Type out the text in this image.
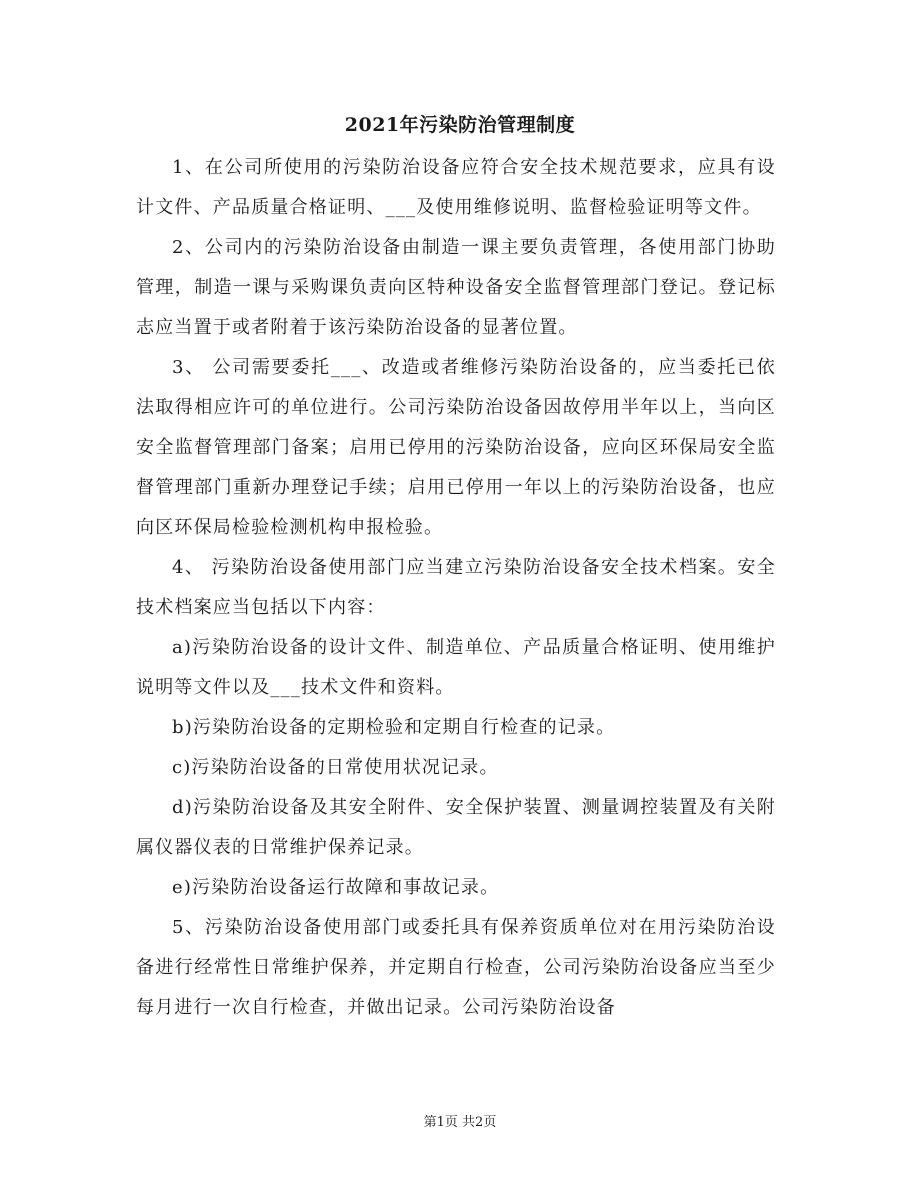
2021年污染防治管理制度

1、在公司所使用的污染防治设备应符合安全技术规范要求，应具有设计文件、产品质量合格证明、___及使用维修说明、监督检验证明等文件。

2、公司内的污染防治设备由制造一课主要负责管理，各使用部门协助管理，制造一课与采购课负责向区特种设备安全监督管理部门登记。登记标志应当置于或者附着于该污染防治设备的显著位置。

3、 公司需要委托___、改造或者维修污染防治设备的，应当委托已依法取得相应许可的单位进行。公司污染防治设备因故停用半年以上，当向区安全监督管理部门备案；启用已停用的污染防治设备，应向区环保局安全监督管理部门重新办理登记手续；启用已停用一年以上的污染防治设备，也应向区环保局检验检测机构申报检验。

4、 污染防治设备使用部门应当建立污染防治设备安全技术档案。安全技术档案应当包括以下内容：

a)污染防治设备的设计文件、制造单位、产品质量合格证明、使用维护说明等文件以及___技术文件和资料。

b)污染防治设备的定期检验和定期自行检查的记录。

c)污染防治设备的日常使用状况记录。

d)污染防治设备及其安全附件、安全保护装置、测量调控装置及有关附属仪器仪表的日常维护保养记录。

e)污染防治设备运行故障和事故记录。

5、污染防治设备使用部门或委托具有保养资质单位对在用污染防治设备进行经常性日常维护保养，并定期自行检查，公司污染防治设备应当至少每月进行一次自行检查，并做出记录。公司污染防治设备

第1页 共2页
